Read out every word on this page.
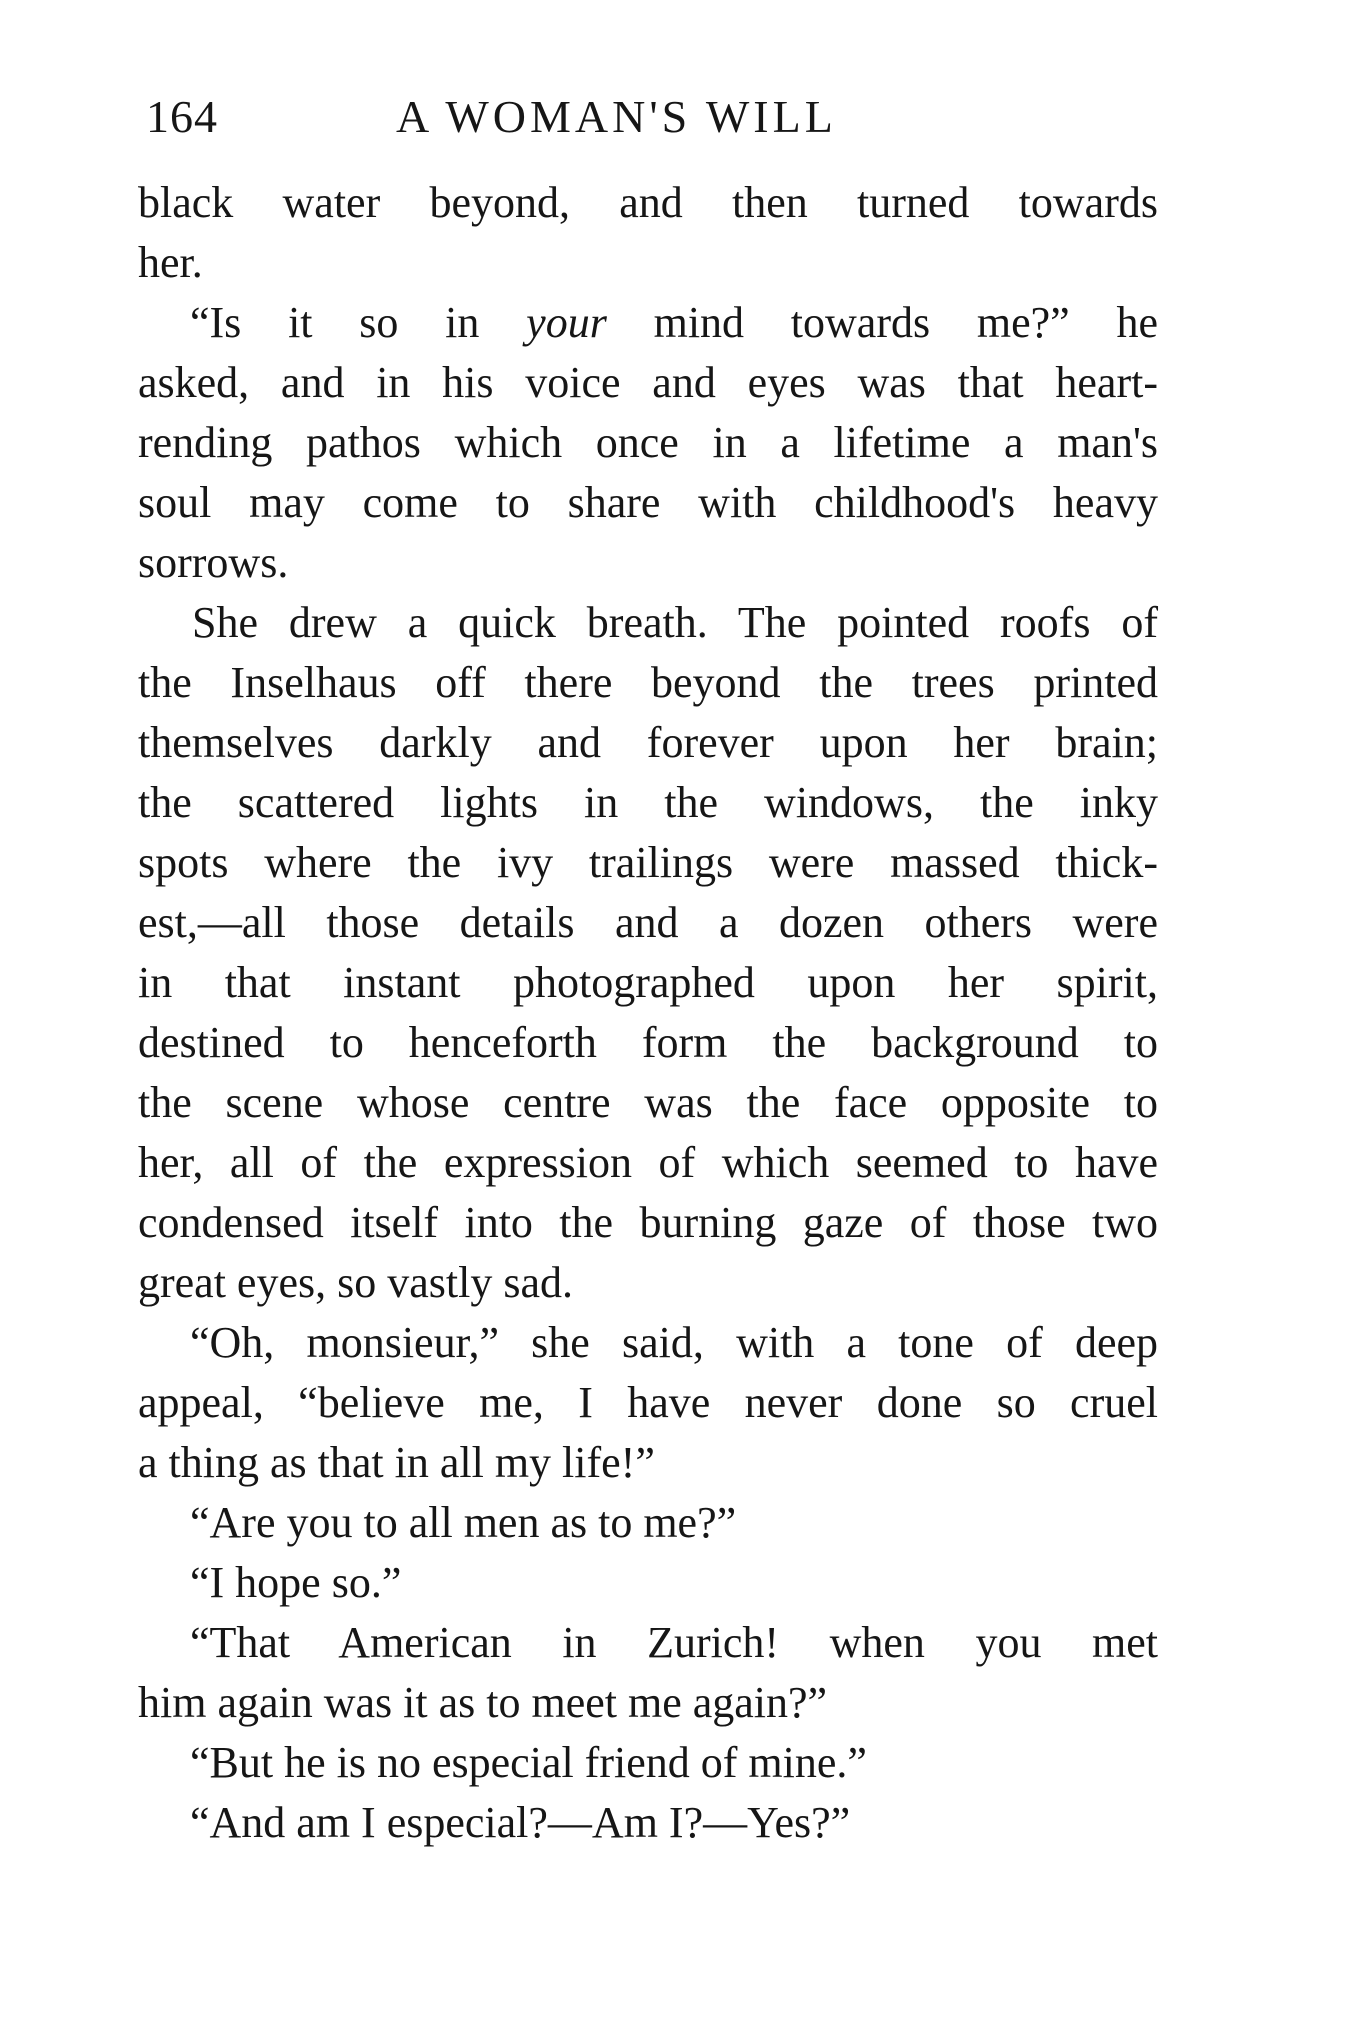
164	A WOMAN'S WILL
black water beyond, and then turned towards
her.
“Is it so in your mind towards me?” he
asked, and in his voice and eyes was that heart-
rending pathos which once in a lifetime a man's
soul may come to share with childhood's heavy
sorrows.
She drew a quick breath. The pointed roofs of
the Inselhaus off there beyond the trees printed
themselves darkly and forever upon her brain;
the scattered lights in the windows, the inky
spots where the ivy trailings were massed thick-
est,—all those details and a dozen others were
in that instant photographed upon her spirit,
destined to henceforth form the background to
the scene whose centre was the face opposite to
her, all of the expression of which seemed to have
condensed itself into the burning gaze of those two
great eyes, so vastly sad.
“Oh, monsieur,” she said, with a tone of deep
appeal, “believe me, I have never done so cruel
a thing as that in all my life!”
“Are you to all men as to me?”
“I hope so.”
“That American in Zurich! when you met
him again was it as to meet me again?”
“But he is no especial friend of mine.”
“And am I especial?—Am I?—Yes?”
